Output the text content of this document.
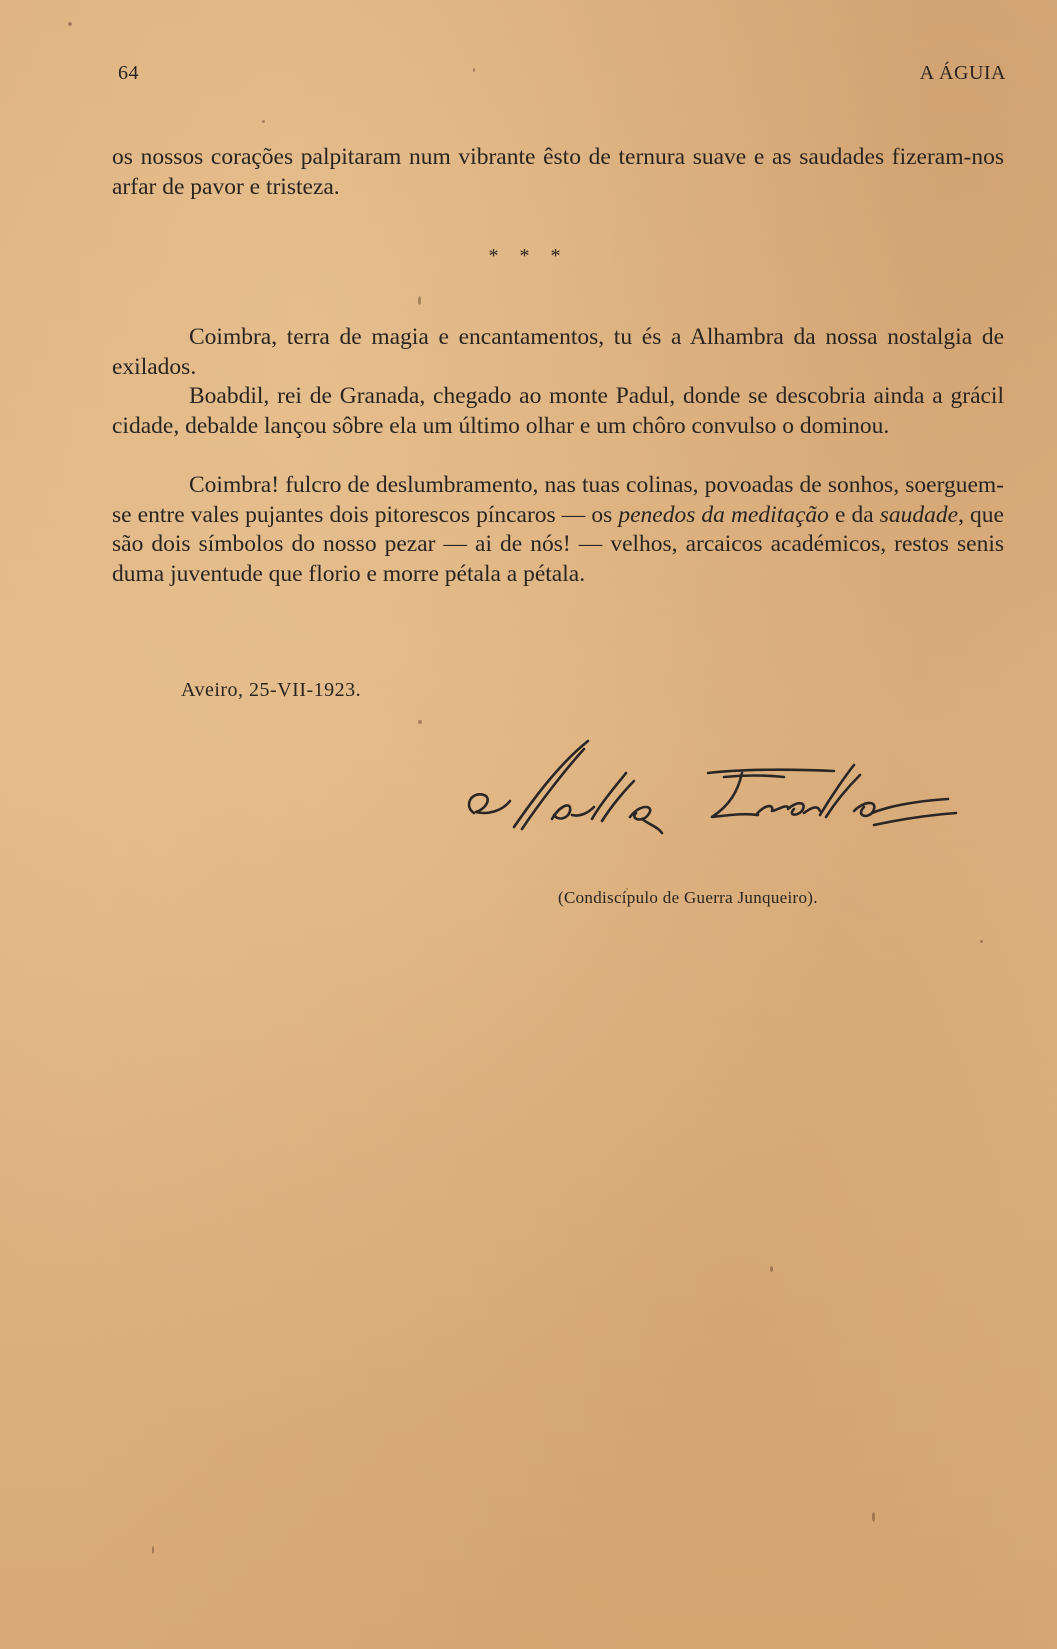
64	A ÁGUIA

os nossos corações palpitaram num vibrante êsto de ternura suave e as saudades fizeram-nos arfar de pavor e tristeza.

* * *

Coimbra, terra de magia e encantamentos, tu és a Alhambra da nossa nostalgia de exilados.

Boabdil, rei de Granada, chegado ao monte Padul, donde se descobria ainda a grácil cidade, debalde lançou sôbre ela um último olhar e um chôro convulso o dominou.

Coimbra! fulcro de deslumbramento, nas tuas colinas, povoadas de sonhos, soerguem-se entre vales pujantes dois pitorescos píncaros — os penedos da meditação e da saudade, que são dois símbolos do nosso pezar — ai de nós! — velhos, arcaicos académicos, restos senis duma juventude que florio e morre pétala a pétala.

Aveiro, 25-VII-1923.
(Condiscípulo de Guerra Junqueiro).
